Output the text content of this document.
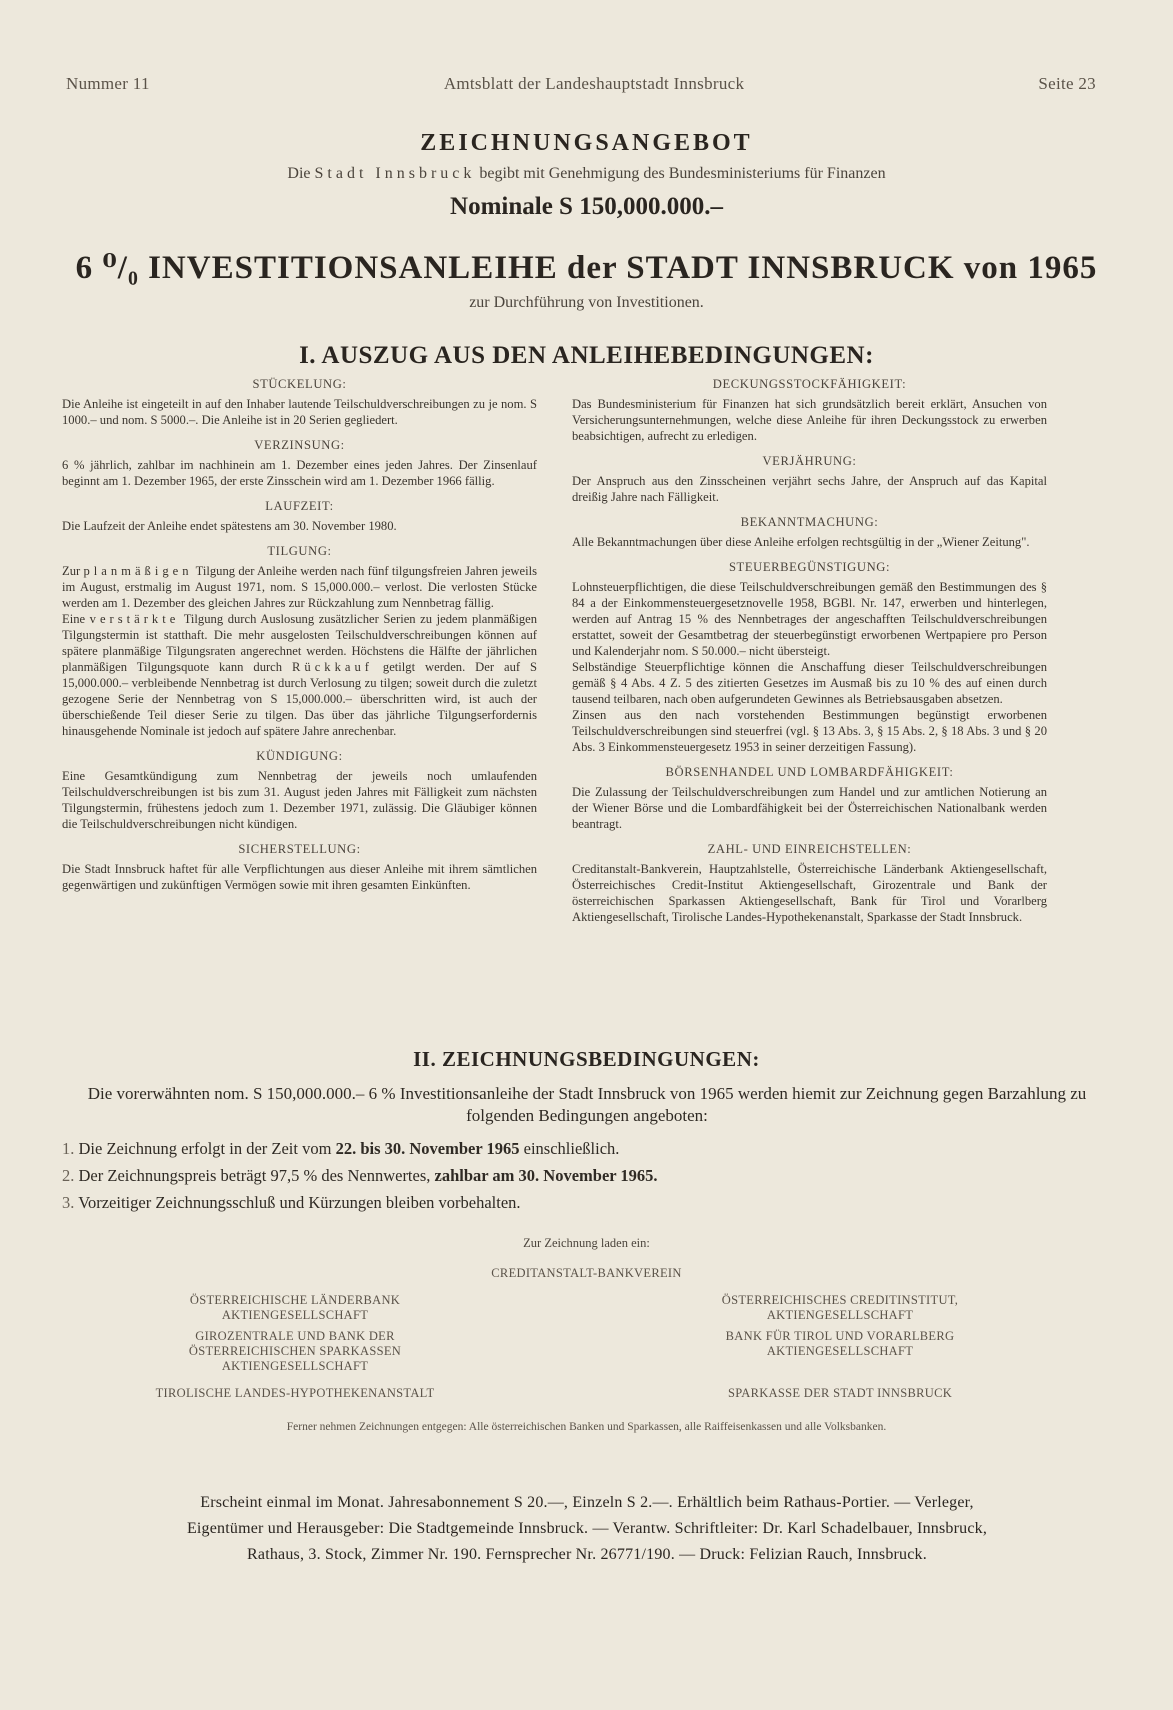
Nummer 11	Amtsblatt der Landeshauptstadt Innsbruck	Seite 23
ZEICHNUNGSANGEBOT
Die Stadt Innsbruck begibt mit Genehmigung des Bundesministeriums für Finanzen
Nominale S 150,000.000.–
6 ⁰/₀ INVESTITIONSANLEIHE der STADT INNSBRUCK von 1965
zur Durchführung von Investitionen.
I. AUSZUG AUS DEN ANLEIHEBEDINGUNGEN:
STÜCKELUNG:

Die Anleihe ist eingeteilt in auf den Inhaber lautende Teilschuldverschreibungen zu je nom. S 1000.– und nom. S 5000.–. Die Anleihe ist in 20 Serien gegliedert.

VERZINSUNG:

6 % jährlich, zahlbar im nachhinein am 1. Dezember eines jeden Jahres. Der Zinsenlauf beginnt am 1. Dezember 1965, der erste Zinsschein wird am 1. Dezember 1966 fällig.

LAUFZEIT:

Die Laufzeit der Anleihe endet spätestens am 30. November 1980.

TILGUNG:

Zur planmäßigen Tilgung der Anleihe werden nach fünf tilgungsfreien Jahren jeweils im August, erstmalig im August 1971, nom. S 15,000.000.– verlost. Die verlosten Stücke werden am 1. Dezember des gleichen Jahres zur Rückzahlung zum Nennbetrag fällig.

Eine verstärkte Tilgung durch Auslosung zusätzlicher Serien zu jedem planmäßigen Tilgungstermin ist statthaft. Die mehr ausgelosten Teilschuldverschreibungen können auf spätere planmäßige Tilgungsraten angerechnet werden. Höchstens die Hälfte der jährlichen planmäßigen Tilgungsquote kann durch Rückkauf getilgt werden. Der auf S 15,000.000.– verbleibende Nennbetrag ist durch Verlosung zu tilgen; soweit durch die zuletzt gezogene Serie der Nennbetrag von S 15,000.000.– überschritten wird, ist auch der überschießende Teil dieser Serie zu tilgen. Das über das jährliche Tilgungserfordernis hinausgehende Nominale ist jedoch auf spätere Jahre anrechenbar.

KÜNDIGUNG:

Eine Gesamtkündigung zum Nennbetrag der jeweils noch umlaufenden Teilschuldverschreibungen ist bis zum 31. August jeden Jahres mit Fälligkeit zum nächsten Tilgungstermin, frühestens jedoch zum 1. Dezember 1971, zulässig. Die Gläubiger können die Teilschuldverschreibungen nicht kündigen.

SICHERSTELLUNG:

Die Stadt Innsbruck haftet für alle Verpflichtungen aus dieser Anleihe mit ihrem sämtlichen gegenwärtigen und zukünftigen Vermögen sowie mit ihren gesamten Einkünften.

DECKUNGSSTOCKFÄHIGKEIT:

Das Bundesministerium für Finanzen hat sich grundsätzlich bereit erklärt, Ansuchen von Versicherungsunternehmungen, welche diese Anleihe für ihren Deckungsstock zu erwerben beabsichtigen, aufrecht zu erledigen.

VERJÄHRUNG:

Der Anspruch aus den Zinsscheinen verjährt sechs Jahre, der Anspruch auf das Kapital dreißig Jahre nach Fälligkeit.

BEKANNTMACHUNG:

Alle Bekanntmachungen über diese Anleihe erfolgen rechtsgültig in der „Wiener Zeitung".

STEUERBEGÜNSTIGUNG:

Lohnsteuerpflichtigen, die diese Teilschuldverschreibungen gemäß den Bestimmungen des § 84 a der Einkommensteuergesetznovelle 1958, BGBl. Nr. 147, erwerben und hinterlegen, werden auf Antrag 15 % des Nennbetrages der angeschafften Teilschuldverschreibungen erstattet, soweit der Gesamtbetrag der steuerbegünstigt erworbenen Wertpapiere pro Person und Kalenderjahr nom. S 50.000.– nicht übersteigt.

Selbständige Steuerpflichtige können die Anschaffung dieser Teilschuldverschreibungen gemäß § 4 Abs. 4 Z. 5 des zitierten Gesetzes im Ausmaß bis zu 10 % des auf einen durch tausend teilbaren, nach oben aufgerundeten Gewinnes als Betriebsausgaben absetzen.

Zinsen aus den nach vorstehenden Bestimmungen begünstigt erworbenen Teilschuldverschreibungen sind steuerfrei (vgl. § 13 Abs. 3, § 15 Abs. 2, § 18 Abs. 3 und § 20 Abs. 3 Einkommensteuergesetz 1953 in seiner derzeitigen Fassung).

BÖRSENHANDEL UND LOMBARDFÄHIGKEIT:

Die Zulassung der Teilschuldverschreibungen zum Handel und zur amtlichen Notierung an der Wiener Börse und die Lombardfähigkeit bei der Österreichischen Nationalbank werden beantragt.

ZAHL- UND EINREICHSTELLEN:

Creditanstalt-Bankverein, Hauptzahlstelle, Österreichische Länderbank Aktiengesellschaft, Österreichisches Credit-Institut Aktiengesellschaft, Girozentrale und Bank der österreichischen Sparkassen Aktiengesellschaft, Bank für Tirol und Vorarlberg Aktiengesellschaft, Tirolische Landes-Hypothekenanstalt, Sparkasse der Stadt Innsbruck.

II. ZEICHNUNGSBEDINGUNGEN:
Die vorerwähnten nom. S 150,000.000.– 6 % Investitionsanleihe der Stadt Innsbruck von 1965 werden hiemit zur Zeichnung gegen Barzahlung zu folgenden Bedingungen angeboten:
1. Die Zeichnung erfolgt in der Zeit vom 22. bis 30. November 1965 einschließlich.
2. Der Zeichnungspreis beträgt 97,5 % des Nennwertes, zahlbar am 30. November 1965.
3. Vorzeitiger Zeichnungsschluß und Kürzungen bleiben vorbehalten.
Zur Zeichnung laden ein:
CREDITANSTALT-BANKVEREIN
ÖSTERREICHISCHE LÄNDERBANK
AKTIENGESELLSCHAFT
GIROZENTRALE UND BANK DER
ÖSTERREICHISCHEN SPARKASSEN
AKTIENGESELLSCHAFT
TIROLISCHE LANDES-HYPOTHEKENANSTALT
ÖSTERREICHISCHES CREDITINSTITUT,
AKTIENGESELLSCHAFT
BANK FÜR TIROL UND VORARLBERG
AKTIENGESELLSCHAFT
SPARKASSE DER STADT INNSBRUCK
Ferner nehmen Zeichnungen entgegen: Alle österreichischen Banken und Sparkassen, alle Raiffeisenkassen und alle Volksbanken.
Erscheint einmal im Monat. Jahresabonnement S 20.—, Einzeln S 2.—. Erhältlich beim Rathaus-Portier. — Verleger,
Eigentümer und Herausgeber: Die Stadtgemeinde Innsbruck. — Verantw. Schriftleiter: Dr. Karl Schadelbauer, Innsbruck,
Rathaus, 3. Stock, Zimmer Nr. 190. Fernsprecher Nr. 26771/190. — Druck: Felizian Rauch, Innsbruck.
